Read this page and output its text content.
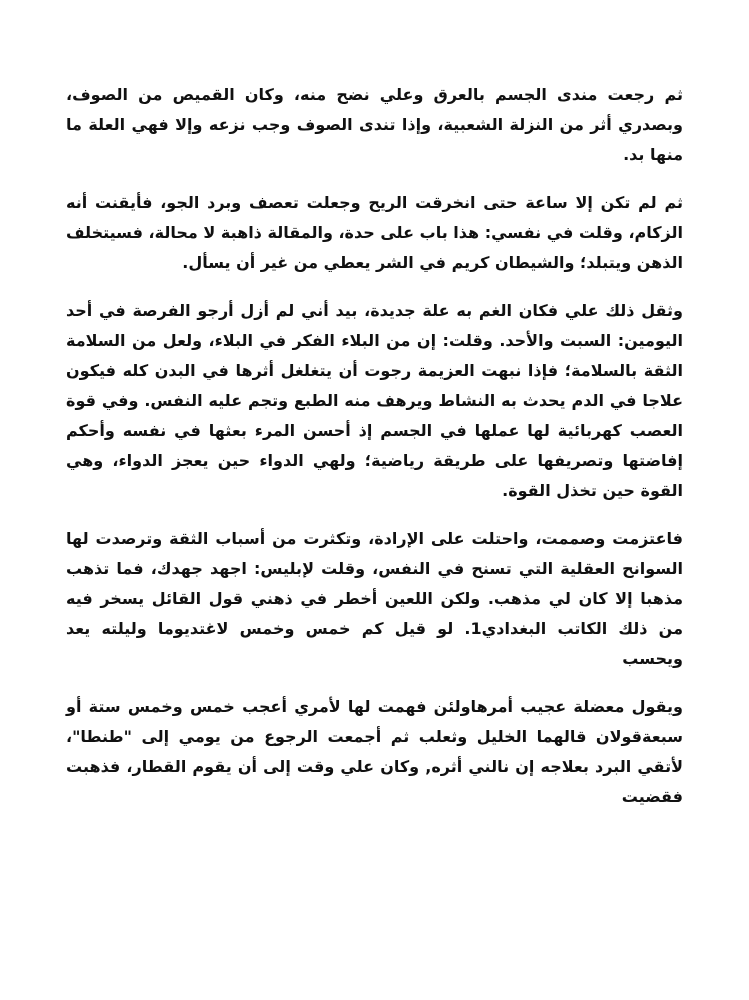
ثم رجعت مندى الجسم بالعرق وعلي نضح منه، وكان القميص من الصوف، وبصدري أثر من النزلة الشعبية، وإذا تندى الصوف وجب نزعه وإلا فهي العلة ما منها بد.

ثم لم تكن إلا ساعة حتى انخرقت الريح وجعلت تعصف وبرد الجو، فأيقنت أنه الزكام، وقلت في نفسي: هذا باب على حدة، والمقالة ذاهبة لا محالة، فسيتخلف الذهن ويتبلد؛ والشيطان كريم في الشر يعطي من غير أن يسأل.

وثقل ذلك علي فكان الغم به علة جديدة، بيد أني لم أزل أرجو الفرصة في أحد اليومين: السبت والأحد. وقلت: إن من البلاء الفكر في البلاء، ولعل من السلامة الثقة بالسلامة؛ فإذا نبهت العزيمة رجوت أن يتغلغل أثرها في البدن كله فيكون علاجا في الدم يحدث به النشاط ويرهف منه الطبع وتجم عليه النفس. وفي قوة العصب كهربائية لها عملها في الجسم إذ أحسن المرء بعثها في نفسه وأحكم إفاضتها وتصريفها على طريقة رياضية؛ ولهي الدواء حين يعجز الدواء، وهي القوة حين تخذل القوة.

فاعتزمت وصممت، واحتلت على الإرادة، وتكثرت من أسباب الثقة وترصدت لها السوانح العقلية التي تسنح في النفس، وقلت لإبليس: اجهد جهدك، فما تذهب مذهبا إلا كان لي مذهب. ولكن اللعين أخطر في ذهني قول القائل يسخر فيه من ذلك الكاتب البغدادي1. لو قيل كم خمس وخمس لاغتديوما وليلته يعد ويحسب

ويقول معضلة عجيب أمرهاولئن فهمت لها لأمري أعجب خمس وخمس ستة أو سبعةقولان قالهما الخليل وثعلب ثم أجمعت الرجوع من يومي إلى "طنطا"، لأتقي البرد بعلاجه إن نالني أثره, وكان علي وقت إلى أن يقوم القطار، فذهبت فقضيت
